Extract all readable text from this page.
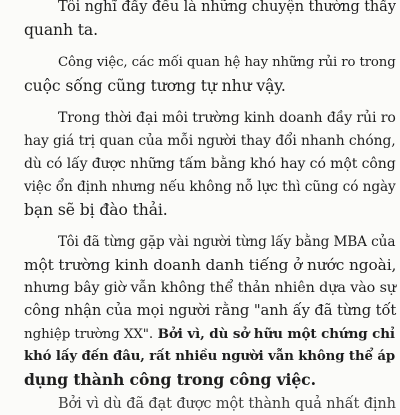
Tôi nghĩ đấy đều là những chuyện thường thấy
quanh ta.
Công việc, các mối quan hệ hay những rủi ro trong
cuộc sống cũng tương tự như vậy.
Trong thời đại môi trường kinh doanh đầy rủi ro
hay giá trị quan của mỗi người thay đổi nhanh chóng,
dù có lấy được những tấm bằng khó hay có một công
việc ổn định nhưng nếu không nỗ lực thì cũng có ngày
bạn sẽ bị đào thải.
Tôi đã từng gặp vài người từng lấy bằng MBA của
một trường kinh doanh danh tiếng ở nước ngoài,
nhưng bây giờ vẫn không thể thản nhiên dựa vào sự
công nhận của mọi người rằng "anh ấy đã từng tốt
nghiệp trường XX". Bởi vì, dù sở hữu một chứng chỉ
khó lấy đến đâu, rất nhiều người vẫn không thể áp
dụng thành công trong công việc.
Bởi vì dù đã đạt được một thành quả nhất định
